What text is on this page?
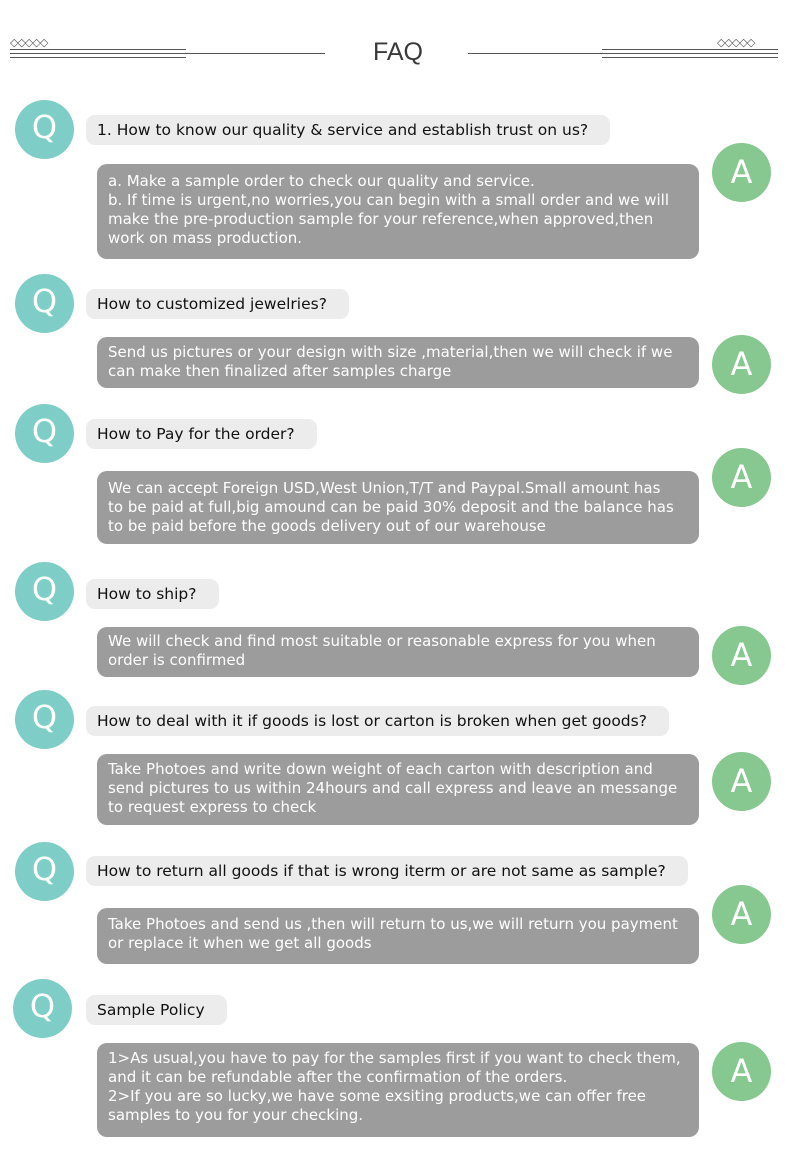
◇◇◇◇◇	FAQ	◇◇◇◇◇
Q	1. How to know our quality & service and establish trust on us?
a. Make a sample order to check our quality and service.
b. If time is urgent,no worries,you can begin with a small order and we will
make the pre-production sample for your reference,when approved,then
work on mass production.
A
Q	How to customized jewelries?
Send us pictures or your design with size ,material,then we will check if we
can make then finalized after samples charge	A
Q	How to Pay for the order?
We can accept Foreign USD,West Union,T/T and Paypal.Small amount has
to be paid at full,big amound can be paid 30% deposit and the balance has
to be paid before the goods delivery out of our warehouse
A
Q	How to ship?
We will check and find most suitable or reasonable express for you when
order is confirmed	A
Q	How to deal with it if goods is lost or carton is broken when get goods?
Take Photoes and write down weight of each carton with description and
send pictures to us within 24hours and call express and leave an messange
to request express to check
A
Q	How to return all goods if that is wrong iterm or are not same as sample?
Take Photoes and send us ,then will return to us,we will return you payment
or replace it when we get all goods
A
Q	Sample Policy
1>As usual,you have to pay for the samples first if you want to check them,
and it can be refundable after the confirmation of the orders.
2>If you are so lucky,we have some exsiting products,we can offer free
samples to you for your checking.
A
